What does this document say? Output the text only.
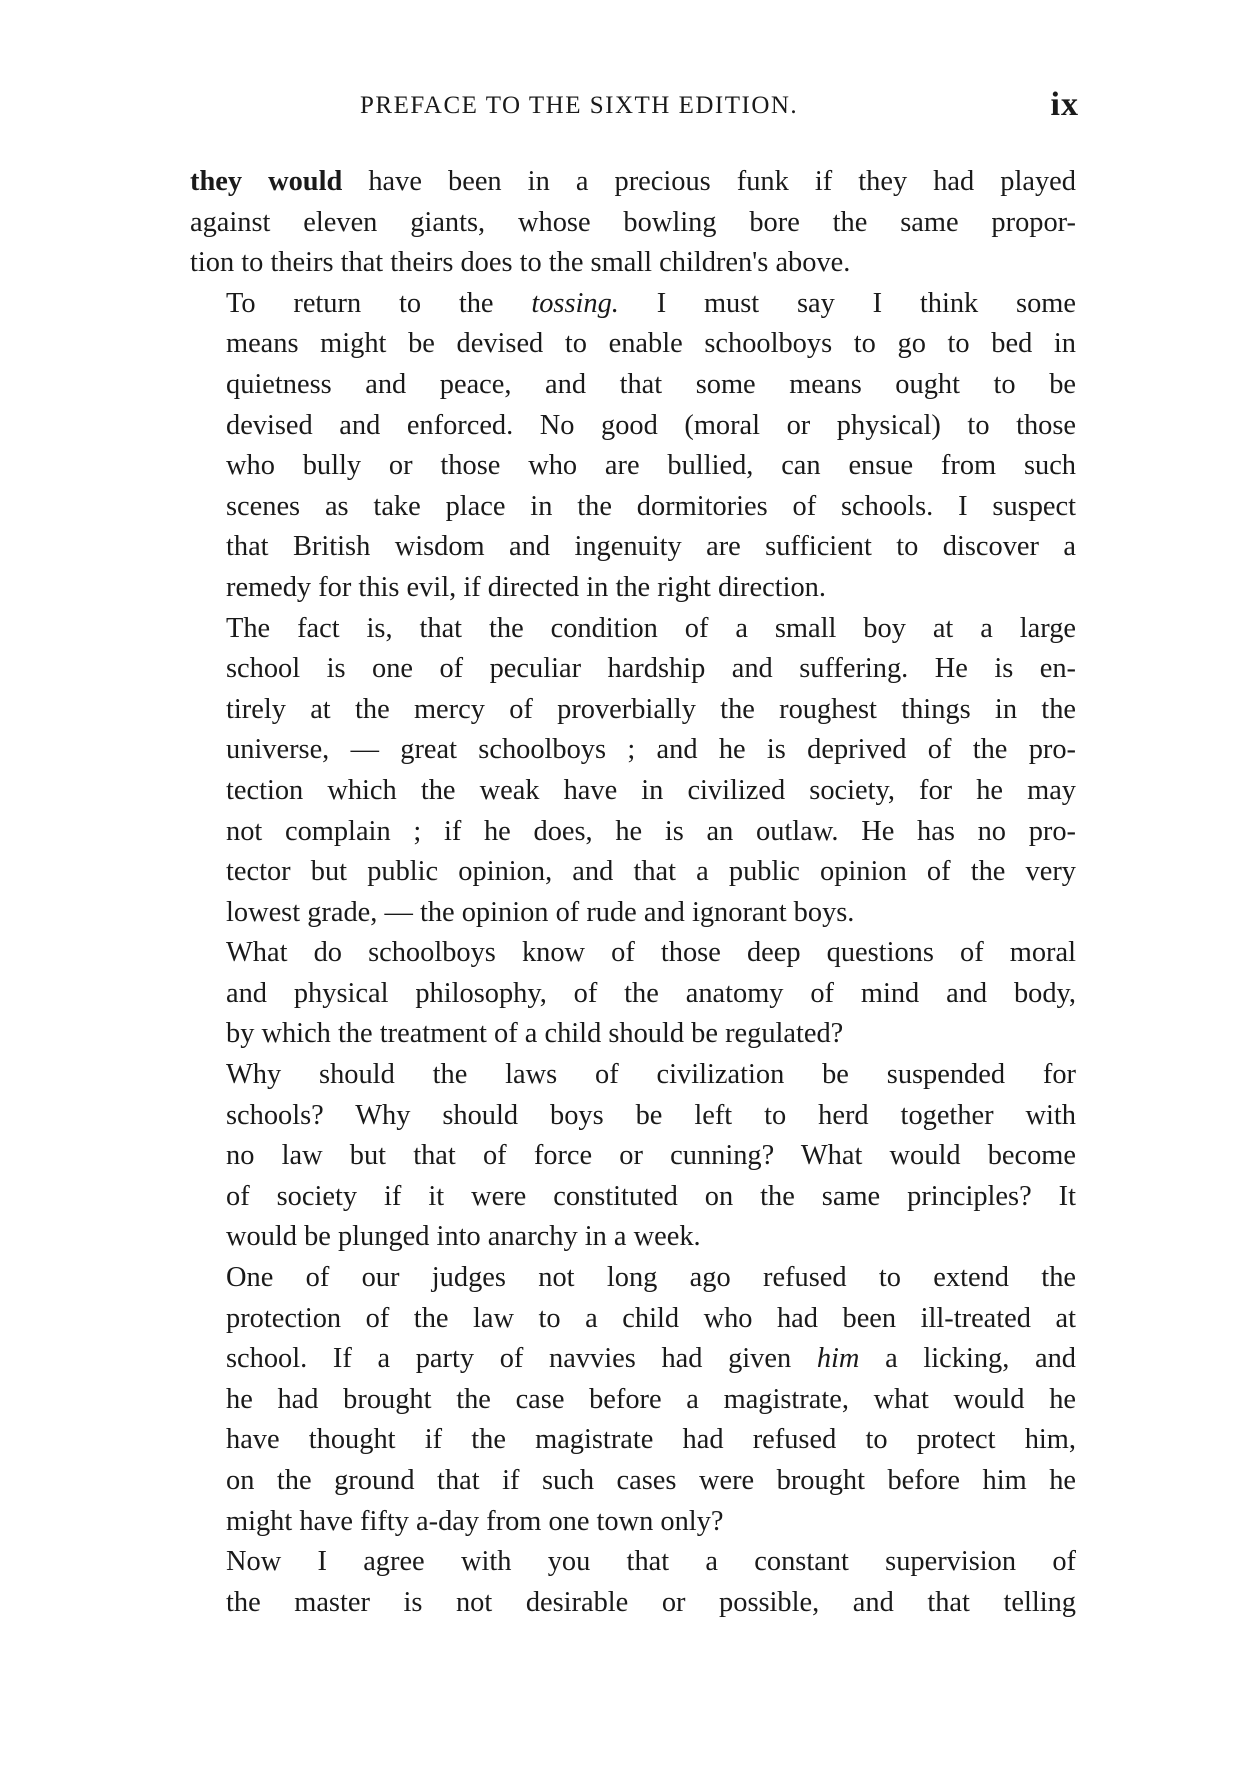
PREFACE TO THE SIXTH EDITION.	ix

they would have been in a precious funk if they had played
against eleven giants, whose bowling bore the same propor-
tion to theirs that theirs does to the small children's above.

To return to the tossing. I must say I think some
means might be devised to enable schoolboys to go to bed in
quietness and peace, and that some means ought to be
devised and enforced. No good (moral or physical) to those
who bully or those who are bullied, can ensue from such
scenes as take place in the dormitories of schools. I suspect
that British wisdom and ingenuity are sufficient to discover a
remedy for this evil, if directed in the right direction.

The fact is, that the condition of a small boy at a large
school is one of peculiar hardship and suffering. He is en-
tirely at the mercy of proverbially the roughest things in the
universe, — great schoolboys ; and he is deprived of the pro-
tection which the weak have in civilized society, for he may
not complain ; if he does, he is an outlaw. He has no pro-
tector but public opinion, and that a public opinion of the very
lowest grade, — the opinion of rude and ignorant boys.

What do schoolboys know of those deep questions of moral
and physical philosophy, of the anatomy of mind and body,
by which the treatment of a child should be regulated?

Why should the laws of civilization be suspended for
schools? Why should boys be left to herd together with
no law but that of force or cunning? What would become
of society if it were constituted on the same principles? It
would be plunged into anarchy in a week.

One of our judges not long ago refused to extend the
protection of the law to a child who had been ill-treated at
school. If a party of navvies had given him a licking, and
he had brought the case before a magistrate, what would he
have thought if the magistrate had refused to protect him,
on the ground that if such cases were brought before him he
might have fifty a-day from one town only?

Now I agree with you that a constant supervision of
the master is not desirable or possible, and that telling
